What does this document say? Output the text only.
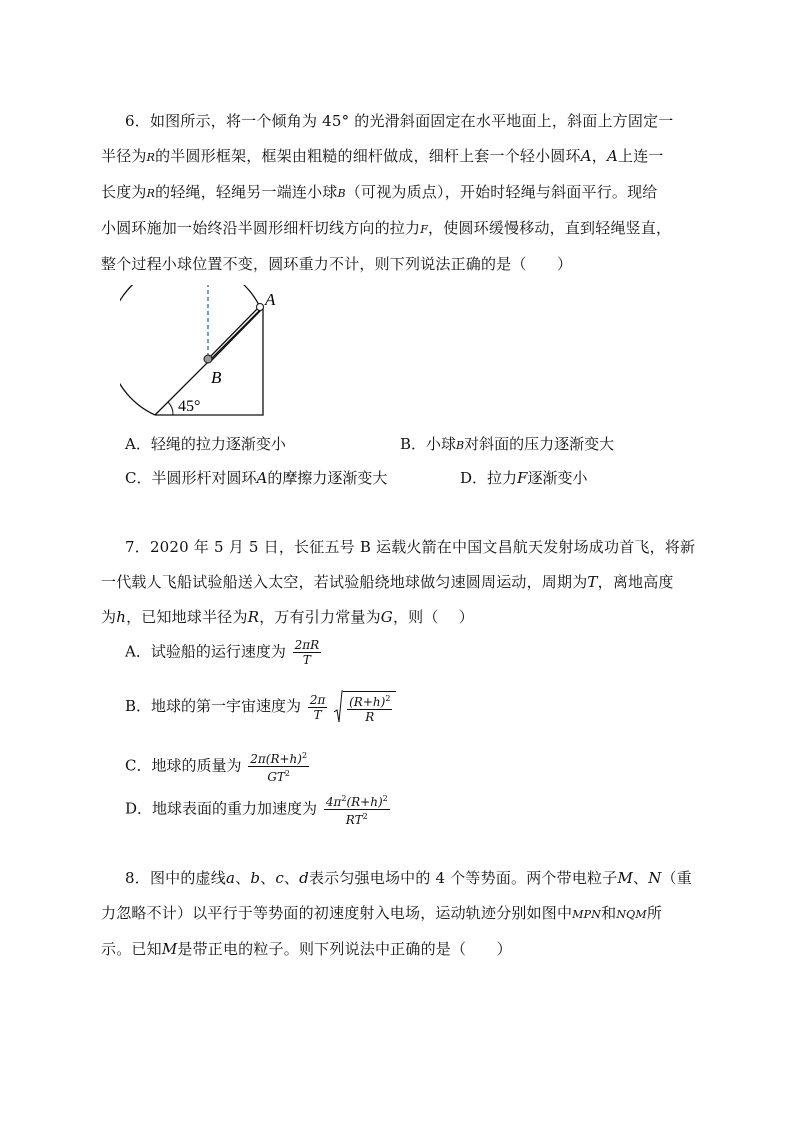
6．如图所示，将一个倾角为 45° 的光滑斜面固定在水平地面上，斜面上方固定一
半径为R的半圆形框架，框架由粗糙的细杆做成，细杆上套一个轻小圆环A，A上连一
长度为R的轻绳，轻绳另一端连小球B（可视为质点），开始时轻绳与斜面平行。现给
小圆环施加一始终沿半圆形细杆切线方向的拉力F，使圆环缓慢移动，直到轻绳竖直，
整个过程小球位置不变，圆环重力不计，则下列说法正确的是（　　）
A
B
45°
A．轻绳的拉力逐渐变小	B．小球B对斜面的压力逐渐变大
C．半圆形杆对圆环A的摩擦力逐渐变大	D．拉力F逐渐变小
7．2020 年 5 月 5 日，长征五号 B 运载火箭在中国文昌航天发射场成功首飞，将新
一代载人飞船试验船送入太空，若试验船绕地球做匀速圆周运动，周期为T，离地高度
为h，已知地球半径为R，万有引力常量为G，则（　 ）
A．试验船的运行速度为 $\frac{2\pi R}{T}$
B．地球的第一宇宙速度为 $\frac{2\pi}{T}$
$\frac{(R+h)^2}{R}$
C．地球的质量为 $\frac{2\pi(R+h)^2}{GT^2}$
D．地球表面的重力加速度为 $\frac{4\pi^2(R+h)^2}{RT^2}$
8．图中的虚线a、b、c、d表示匀强电场中的 4 个等势面。两个带电粒子M、N（重
力忽略不计）以平行于等势面的初速度射入电场，运动轨迹分别如图中MPN和NQM所
示。已知M是带正电的粒子。则下列说法中正确的是（　　）
